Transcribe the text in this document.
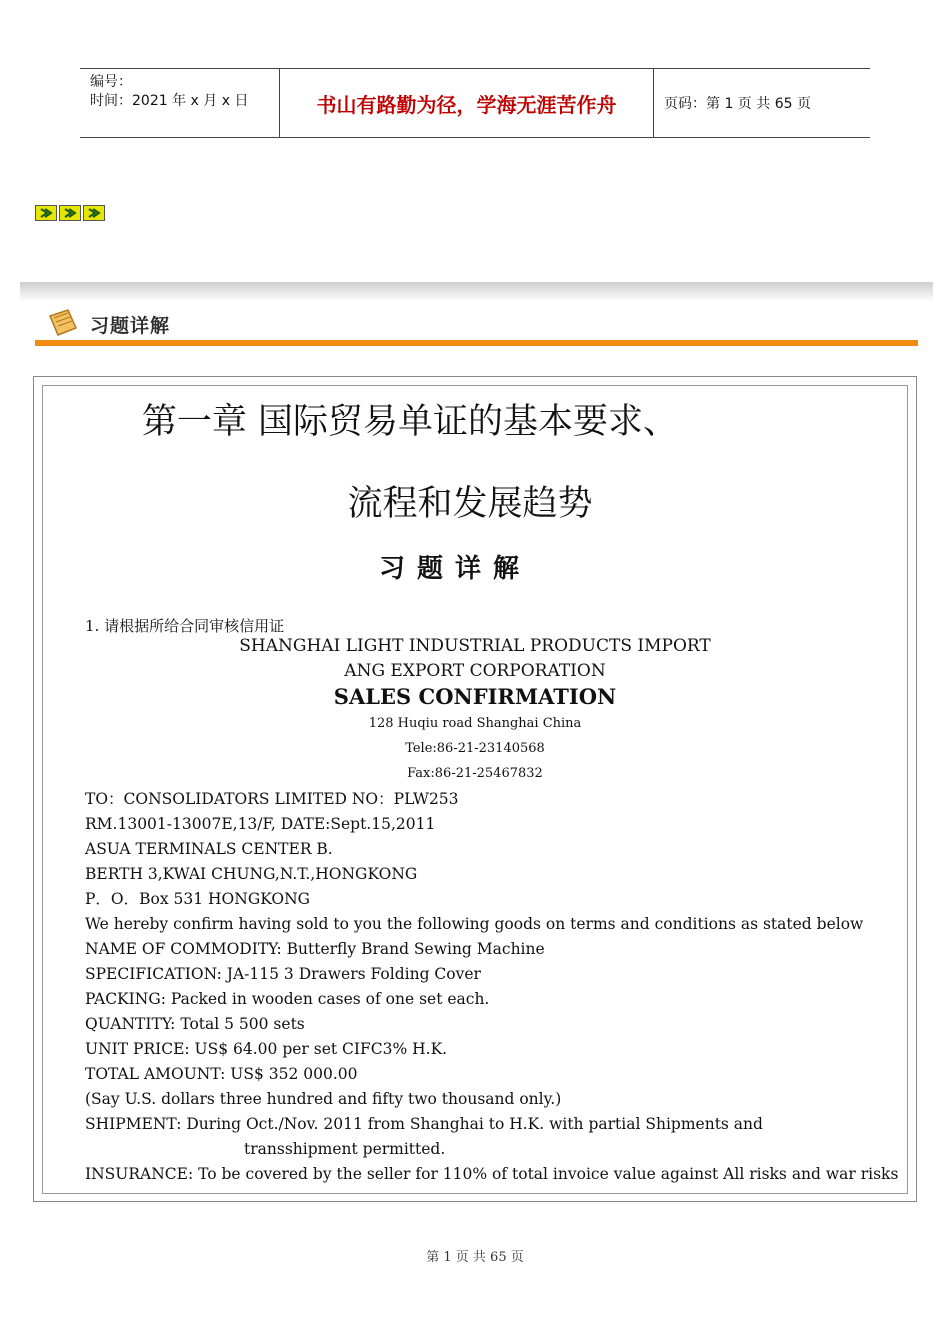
编号：
时间：2021 年 x 月 x 日	书山有路勤为径，学海无涯苦作舟	页码：第 1 页 共 65 页
习题详解
第一章 国际贸易单证的基本要求、
流程和发展趋势
习题详解
1. 请根据所给合同审核信用证
SHANGHAI LIGHT INDUSTRIAL PRODUCTS IMPORT
ANG EXPORT CORPORATION
SALES CONFIRMATION
128 Huqiu road Shanghai China
Tele:86-21-23140568
Fax:86-21-25467832
TO：CONSOLIDATORS LIMITED NO：PLW253
RM.13001-13007E,13/F, DATE:Sept.15,2011
ASUA TERMINALS CENTER B.
BERTH 3,KWAI CHUNG,N.T.,HONGKONG
P．O．Box 531 HONGKONG
We hereby confirm having sold to you the following goods on terms and conditions as stated below
NAME OF COMMODITY: Butterfly Brand Sewing Machine
SPECIFICATION: JA-115 3 Drawers Folding Cover
PACKING: Packed in wooden cases of one set each.
QUANTITY: Total 5 500 sets
UNIT PRICE: US$ 64.00 per set CIFC3% H.K.
TOTAL AMOUNT: US$ 352 000.00
(Say U.S. dollars three hundred and fifty two thousand only.)
SHIPMENT: During Oct./Nov. 2011 from Shanghai to H.K. with partial Shipments and
transshipment permitted.
INSURANCE: To be covered by the seller for 110% of total invoice value against All risks and war risks
第 1 页 共 65 页
